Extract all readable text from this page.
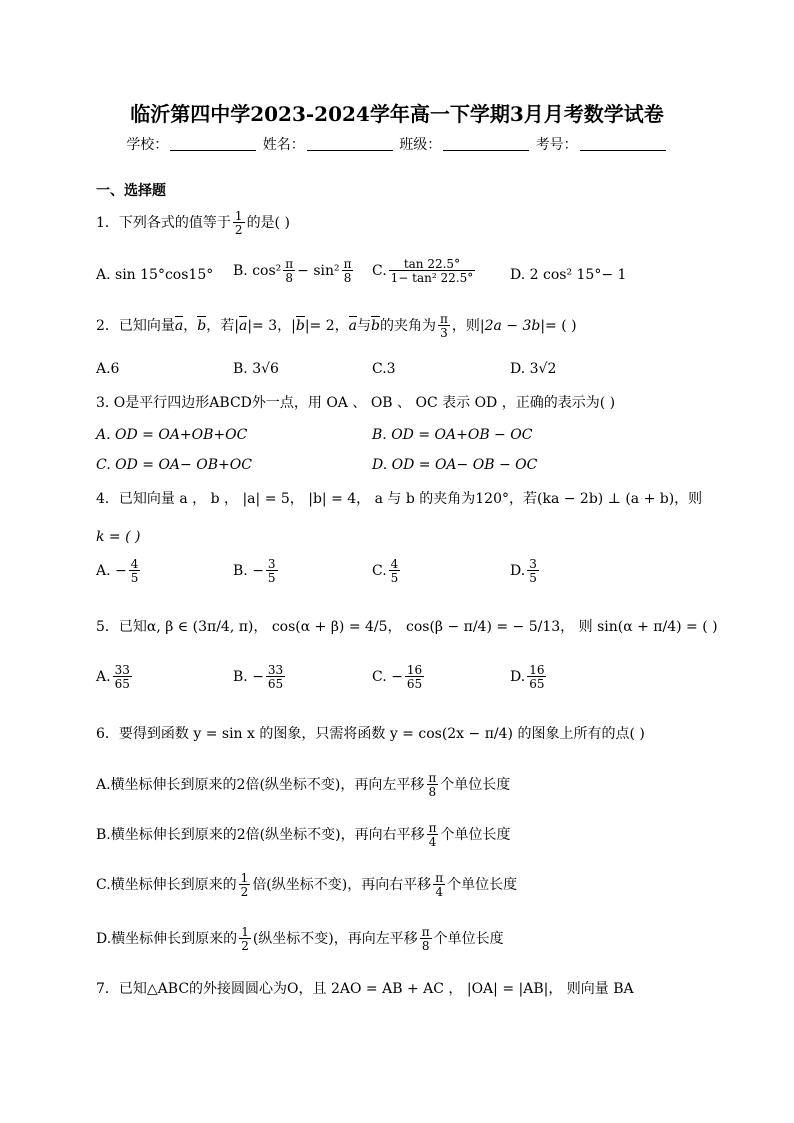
临沂第四中学2023-2024学年高一下学期3月月考数学试卷
学校：	姓名：	班级：	考号：
一、选择题
1．下列各式的值等于 $\frac{1}{2}$ 的是( )
A. sin 15°cos15° B. $\cos^2 \frac{\pi}{8} - \sin^2 \frac{\pi}{8} C$. $\frac{\tan 22.5^\circ}{\text{1− tan² 22.5°}} D$. 2 cos² 15°− 1
2．已知向量a，b，若|a|= 3，|b|= 2，a与b的夹角为 $\frac{\pi}{3}$ ，则|2a − 3b|= ( )
A.6	B. 3√6	C.3	D. 3√2
3. O是平行四边形ABCD外一点，用 OA 、 OB 、 OC 表示 OD ，正确的表示为( )
A. OD = OA+OB+OC	B. OD = OA+OB − OC
C. OD = OA− OB+OC	D. OD = OA− OB − OC
4．已知向量 a ， b ， |a| = 5， |b| = 4， a 与 b 的夹角为120°，若(ka − 2b) ⊥ (a + b)，则
k = ( )
A. − $\frac{4}{5}$	B. − $\frac{3}{5}$	C. $\frac{4}{5}$	D. $\frac{3}{5}$
5．已知α, β ∈ (3π/4, π)， cos(α + β) = 4/5， cos(β − π/4) = − 5/13， 则 sin(α + π/4) = ( )
A. $\frac{33}{65}$	B. − $\frac{33}{65}$	C. − $\frac{16}{65}$	D. $\frac{16}{65}$
6．要得到函数 y = sin x 的图象，只需将函数 y = cos(2x − π/4) 的图象上所有的点( )
A.横坐标伸长到原来的2倍(纵坐标不变)，再向左平移 $\frac{\pi}{8}$ 个单位长度
B.横坐标伸长到原来的2倍(纵坐标不变)，再向右平移 $\frac{\pi}{4}$ 个单位长度
C.横坐标伸长到原来的 $\frac{1}{2}$ 倍(纵坐标不变)，再向右平移 $\frac{\pi}{4}$ 个单位长度
D.横坐标伸长到原来的 $\frac{1}{2}$ (纵坐标不变)，再向左平移 $\frac{\pi}{8}$ 个单位长度
7．已知△ABC的外接圆圆心为O，且 2AO = AB + AC ， |OA| = |AB|， 则向量 BA
